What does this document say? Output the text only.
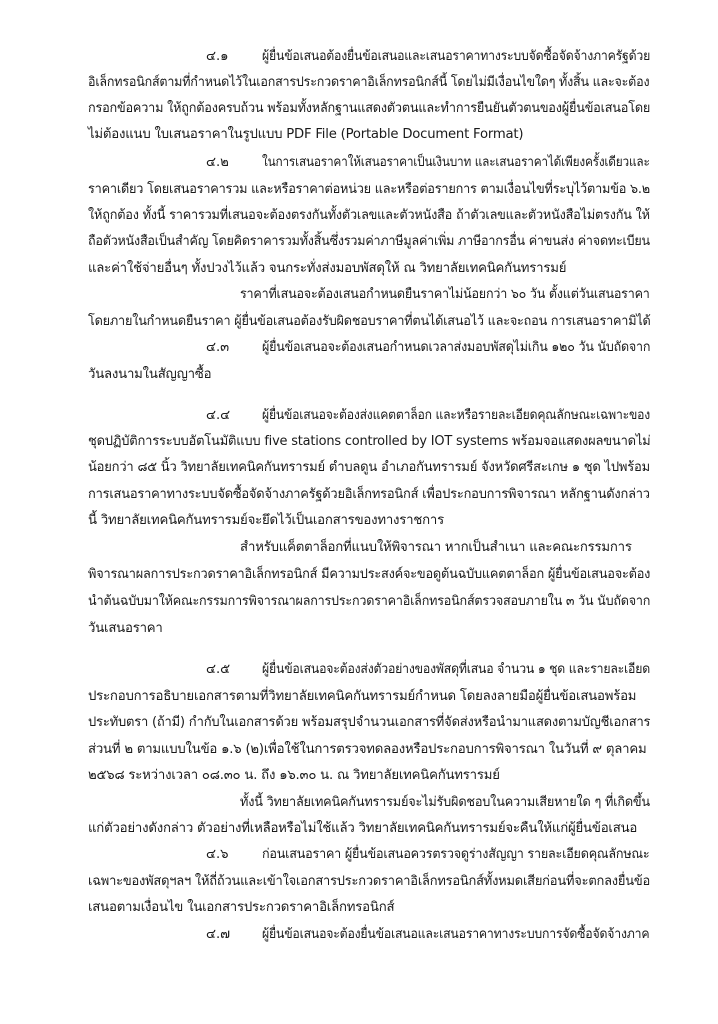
๔.๑	ผู้ยื่นข้อเสนอต้องยื่นข้อเสนอและเสนอราคาทางระบบจัดซื้อจัดจ้างภาครัฐด้วย
อิเล็กทรอนิกส์ตามที่กำหนดไว้ในเอกสารประกวดราคาอิเล็กทรอนิกส์นี้ โดยไม่มีเงื่อนไขใดๆ ทั้งสิ้น และจะต้อง
กรอกข้อความ ให้ถูกต้องครบถ้วน พร้อมทั้งหลักฐานแสดงตัวตนและทำการยืนยันตัวตนของผู้ยื่นข้อเสนอโดย
ไม่ต้องแนบ ใบเสนอราคาในรูปแบบ PDF File (Portable Document Format)
๔.๒	ในการเสนอราคาให้เสนอราคาเป็นเงินบาท และเสนอราคาได้เพียงครั้งเดียวและ
ราคาเดียว โดยเสนอราคารวม และหรือราคาต่อหน่วย และหรือต่อรายการ ตามเงื่อนไขที่ระบุไว้ตามข้อ ๖.๒
ให้ถูกต้อง ทั้งนี้ ราคารวมที่เสนอจะต้องตรงกันทั้งตัวเลขและตัวหนังสือ ถ้าตัวเลขและตัวหนังสือไม่ตรงกัน ให้
ถือตัวหนังสือเป็นสำคัญ โดยคิดราคารวมทั้งสิ้นซึ่งรวมค่าภาษีมูลค่าเพิ่ม ภาษีอากรอื่น ค่าขนส่ง ค่าจดทะเบียน
และค่าใช้จ่ายอื่นๆ ทั้งปวงไว้แล้ว จนกระทั่งส่งมอบพัสดุให้ ณ วิทยาลัยเทคนิคกันทรารมย์
ราคาที่เสนอจะต้องเสนอกำหนดยืนราคาไม่น้อยกว่า ๖๐ วัน ตั้งแต่วันเสนอราคา
โดยภายในกำหนดยืนราคา ผู้ยื่นข้อเสนอต้องรับผิดชอบราคาที่ตนได้เสนอไว้ และจะถอน การเสนอราคามิได้
๔.๓ ผู้ยื่นข้อเสนอจะต้องเสนอกำหนดเวลาส่งมอบพัสดุไม่เกิน ๑๒๐ วัน นับถัดจาก
วันลงนามในสัญญาซื้อ
๔.๔ ผู้ยื่นข้อเสนอจะต้องส่งแคตตาล็อก และหรือรายละเอียดคุณลักษณะเฉพาะของ
ชุดปฏิบัติการระบบอัตโนมัติแบบ five stations controlled by IOT systems พร้อมจอแสดงผลขนาดไม่
น้อยกว่า ๘๕ นิ้ว วิทยาลัยเทคนิคกันทรารมย์ ตำบลดูน อำเภอกันทรารมย์ จังหวัดศรีสะเกษ ๑ ชุด ไปพร้อม
การเสนอราคาทางระบบจัดซื้อจัดจ้างภาครัฐด้วยอิเล็กทรอนิกส์ เพื่อประกอบการพิจารณา หลักฐานดังกล่าว
นี้ วิทยาลัยเทคนิคกันทรารมย์จะยึดไว้เป็นเอกสารของทางราชการ
สำหรับแค็ตตาล็อกที่แนบให้พิจารณา หากเป็นสำเนา และคณะกรรมการ
พิจารณาผลการประกวดราคาอิเล็กทรอนิกส์ มีความประสงค์จะขอดูต้นฉบับแคตตาล็อก ผู้ยื่นข้อเสนอจะต้อง
นำต้นฉบับมาให้คณะกรรมการพิจารณาผลการประกวดราคาอิเล็กทรอนิกส์ตรวจสอบภายใน ๓ วัน นับถัดจาก
วันเสนอราคา
๔.๕ ผู้ยื่นข้อเสนอจะต้องส่งตัวอย่างของพัสดุที่เสนอ จำนวน ๑ ชุด และรายละเอียด
ประกอบการอธิบายเอกสารตามที่วิทยาลัยเทคนิคกันทรารมย์กำหนด โดยลงลายมือผู้ยื่นข้อเสนอพร้อม
ประทับตรา (ถ้ามี) กำกับในเอกสารด้วย พร้อมสรุปจำนวนเอกสารที่จัดส่งหรือนำมาแสดงตามบัญชีเอกสาร
ส่วนที่ ๒ ตามแบบในข้อ ๑.๖ (๒)เพื่อใช้ในการตรวจทดลองหรือประกอบการพิจารณา ในวันที่ ๙ ตุลาคม
๒๕๖๘ ระหว่างเวลา ๐๘.๓๐ น. ถึง ๑๖.๓๐ น. ณ วิทยาลัยเทคนิคกันทรารมย์
ทั้งนี้ วิทยาลัยเทคนิคกันทรารมย์จะไม่รับผิดชอบในความเสียหายใด ๆ ที่เกิดขึ้น
แก่ตัวอย่างดังกล่าว ตัวอย่างที่เหลือหรือไม่ใช้แล้ว วิทยาลัยเทคนิคกันทรารมย์จะคืนให้แก่ผู้ยื่นข้อเสนอ
๔.๖	ก่อนเสนอราคา ผู้ยื่นข้อเสนอควรตรวจดูร่างสัญญา รายละเอียดคุณลักษณะ
เฉพาะของพัสดุฯลฯ ให้ถี่ถ้วนและเข้าใจเอกสารประกวดราคาอิเล็กทรอนิกส์ทั้งหมดเสียก่อนที่จะตกลงยื่นข้อ
เสนอตามเงื่อนไข ในเอกสารประกวดราคาอิเล็กทรอนิกส์
๔.๗ ผู้ยื่นข้อเสนอจะต้องยื่นข้อเสนอและเสนอราคาทางระบบการจัดซื้อจัดจ้างภาค
